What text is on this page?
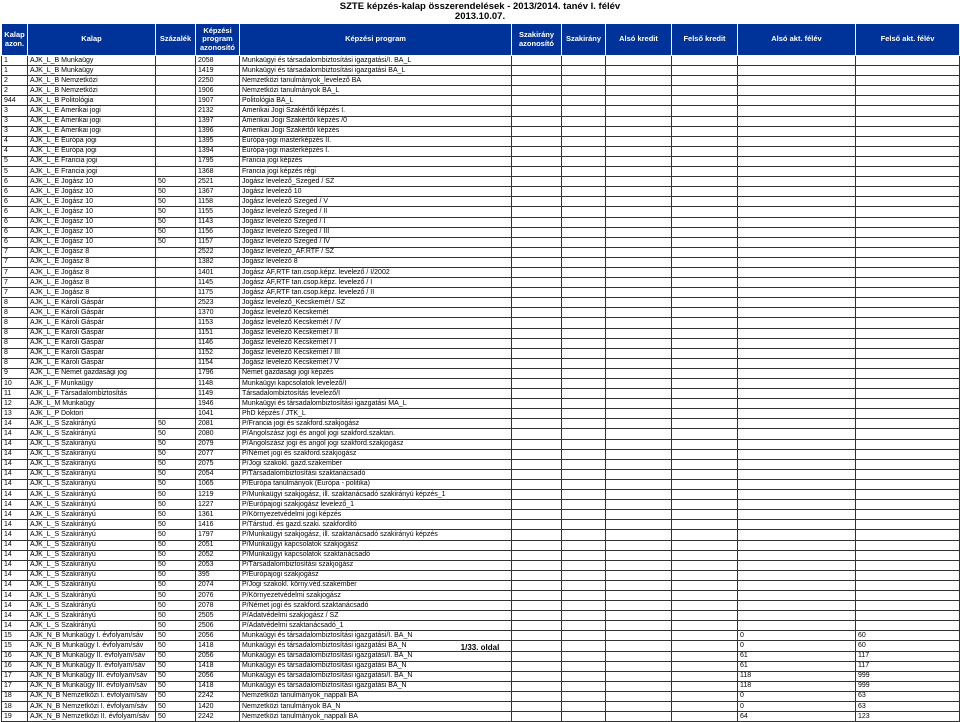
SZTE képzés-kalap összerendelések - 2013/2014. tanév I. félév
2013.10.07.
Kalap azon.	Kalap	Százalék	Képzési program azonosító	Képzési program	Szakirány azonosító	Szakirány	Alsó kredit	Felső kredit	Alsó akt. félév	Felső akt. félév
1	AJK_L_B Munkaügy		2058	Munkaügyi és társadalombiztosítási igazgatási/I. BA_L						
1	AJK_L_B Munkaügy		1419	Munkaügyi és társadalombiztosítási igazgatási BA_L						
2	AJK_L_B Nemzetközi		2250	Nemzetközi tanulmányok_levelező BA						
2	AJK_L_B Nemzetközi		1906	Nemzetközi tanulmányok BA_L						
944	AJK_L_B Politológia		1907	Politológia BA_L						
3	AJK_L_E Amerikai jogi		2132	Amerikai Jogi Szakértői képzés I.						
3	AJK_L_E Amerikai jogi		1397	Amerikai Jogi Szakértői képzés /0						
3	AJK_L_E Amerikai jogi		1396	Amerikai Jogi Szakértői képzés						
4	AJK_L_E Európa jogi		1395	Európa-jogi masterképzés II.						
4	AJK_L_E Európa jogi		1394	Európa-jogi masterképzés I.						
5	AJK_L_E Francia jogi		1795	Francia jogi képzés						
5	AJK_L_E Francia jogi		1368	Francia jogi képzés régi						
6	AJK_L_E Jogász 10	50	2521	Jogász levelező_Szeged / SZ						
6	AJK_L_E Jogász 10	50	1367	Jogász levelező 10						
6	AJK_L_E Jogász 10	50	1158	Jogász levelező Szeged / V						
6	AJK_L_E Jogász 10	50	1155	Jogász levelező Szeged / II						
6	AJK_L_E Jogász 10	50	1143	Jogász levelező Szeged / I						
6	AJK_L_E Jogász 10	50	1156	Jogász levelező Szeged / III						
6	AJK_L_E Jogász 10	50	1157	Jogász levelező Szeged / IV						
7	AJK_L_E Jogász 8		2522	Jogász levelező_ÁF.RTF / SZ						
7	AJK_L_E Jogász 8		1382	Jogász levelező 8						
7	AJK_L_E Jogász 8		1401	Jogász ÁF,RTF tan.csop.képz. levelező / I/2002						
7	AJK_L_E Jogász 8		1145	Jogász ÁF,RTF tan.csop.képz. levelező / I						
7	AJK_L_E Jogász 8		1175	Jogász ÁF,RTF tan.csop.képz. levelező / II						
8	AJK_L_E Károli Gáspár		2523	Jogász levelező_Kecskemét / SZ						
8	AJK_L_E Károli Gáspár		1370	Jogász levelező Kecskemét						
8	AJK_L_E Károli Gáspár		1153	Jogász levelező Kecskemét / IV						
8	AJK_L_E Károli Gáspár		1151	Jogász levelező Kecskemét / II						
8	AJK_L_E Károli Gáspár		1146	Jogász levelező Kecskemét / I						
8	AJK_L_E Károli Gáspár		1152	Jogász levelező Kecskemét / III						
8	AJK_L_E Károli Gáspár		1154	Jogász levelező Kecskemét / V						
9	AJK_L_E Német gazdasági jog		1796	Német gazdasági jogi képzés						
10	AJK_L_F Munkaügy		1148	Munkaügyi kapcsolatok levelező/I						
11	AJK_L_F Társadalombiztosítás		1149	Társadalombiztosítás levelező/I						
12	AJK_L_M Munkaügy		1946	Munkaügyi és társadalombiztosítási igazgatási MA_L						
13	AJK_L_P Doktori		1041	PhD képzés / JTK_L						
14	AJK_L_S Szakirányú	50	2081	P/Francia jogi és szakford.szakjogász						
14	AJK_L_S Szakirányú	50	2080	P/Angolszász jogi és angol jogi szakford.szaktan.						
14	AJK_L_S Szakirányú	50	2079	P/Angolszász jogi és angol jogi szakford.szakjogász						
14	AJK_L_S Szakirányú	50	2077	P/Német jogi és szakford.szakjogász						
14	AJK_L_S Szakirányú	50	2075	P/Jogi szakokl. gazd.szakember						
14	AJK_L_S Szakirányú	50	2054	P/Társadalombiztosítási szaktanácsadó						
14	AJK_L_S Szakirányú	50	1065	P/Európa tanulmányok (Európa - politika)						
14	AJK_L_S Szakirányú	50	1219	P/Munkaügyi szakjogász, ill. szaktanácsadó szakirányú képzés_1						
14	AJK_L_S Szakirányú	50	1227	P/Európajogi szakjogász levelező_1						
14	AJK_L_S Szakirányú	50	1361	P/Környezetvédelmi jogi képzés						
14	AJK_L_S Szakirányú	50	1416	P/Társtud. és gazd.szaki. szakfordító						
14	AJK_L_S Szakirányú	50	1797	P/Munkaügyi szakjogász, ill. szaktanácsadó szakirányú képzés						
14	AJK_L_S Szakirányú	50	2051	P/Munkaügyi kapcsolatok szakjogász						
14	AJK_L_S Szakirányú	50	2052	P/Munkaügyi kapcsolatok szaktanácsadó						
14	AJK_L_S Szakirányú	50	2053	P/Társadalombiztosítási szakjogász						
14	AJK_L_S Szakirányú	50	395	P/Európajogi szakjogász						
14	AJK_L_S Szakirányú	50	2074	P/Jogi szakokl. körny.véd.szakember						
14	AJK_L_S Szakirányú	50	2076	P/Környezetvédelmi szakjogász						
14	AJK_L_S Szakirányú	50	2078	P/Német jogi és szakford.szaktanácsadó						
14	AJK_L_S Szakirányú	50	2505	P/Adatvédelmi szakjogász / SZ						
14	AJK_L_S Szakirányú	50	2506	P/Adatvédelmi szaktanácsadó_1						
15	AJK_N_B Munkaügy I. évfolyam/sáv	50	2056	Munkaügyi és társadalombiztosítási igazgatási/I. BA_N					0	60
15	AJK_N_B Munkaügy I. évfolyam/sáv	50	1418	Munkaügyi és társadalombiztosítási igazgatási BA_N					0	60
16	AJK_N_B Munkaügy II. évfolyam/sáv	50	2056	Munkaügyi és társadalombiztosítási igazgatási/I. BA_N					61	117
16	AJK_N_B Munkaügy II. évfolyam/sáv	50	1418	Munkaügyi és társadalombiztosítási igazgatási BA_N					61	117
17	AJK_N_B Munkaügy III. évfolyam/sáv	50	2056	Munkaügyi és társadalombiztosítási igazgatási/I. BA_N					118	999
17	AJK_N_B Munkaügy III. évfolyam/sáv	50	1418	Munkaügyi és társadalombiztosítási igazgatási BA_N					118	999
18	AJK_N_B Nemzetközi I. évfolyam/sáv	50	2242	Nemzetközi tanulmányok_nappali BA					0	63
18	AJK_N_B Nemzetközi I. évfolyam/sáv	50	1420	Nemzetközi tanulmányok BA_N					0	63
19	AJK_N_B Nemzetközi II. évfolyam/sáv	50	2242	Nemzetközi tanulmányok_nappali BA					64	123
1/33. oldal
